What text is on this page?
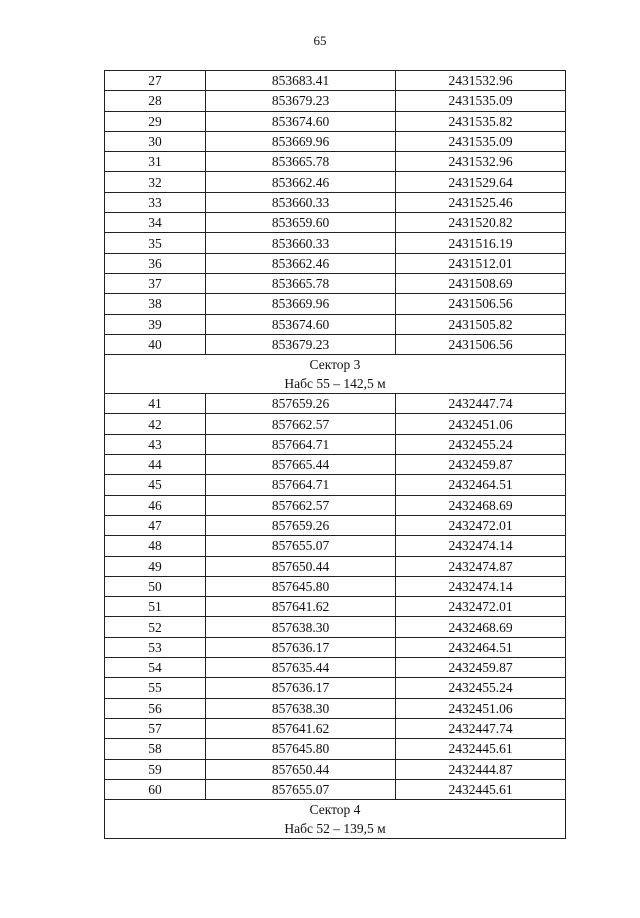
65
27	853683.41	2431532.96
28	853679.23	2431535.09
29	853674.60	2431535.82
30	853669.96	2431535.09
31	853665.78	2431532.96
32	853662.46	2431529.64
33	853660.33	2431525.46
34	853659.60	2431520.82
35	853660.33	2431516.19
36	853662.46	2431512.01
37	853665.78	2431508.69
38	853669.96	2431506.56
39	853674.60	2431505.82
40	853679.23	2431506.56

Сектор 3
Набс 55 – 142,5 м		

41	857659.26	2432447.74
42	857662.57	2432451.06
43	857664.71	2432455.24
44	857665.44	2432459.87
45	857664.71	2432464.51
46	857662.57	2432468.69
47	857659.26	2432472.01
48	857655.07	2432474.14
49	857650.44	2432474.87
50	857645.80	2432474.14
51	857641.62	2432472.01
52	857638.30	2432468.69
53	857636.17	2432464.51
54	857635.44	2432459.87
55	857636.17	2432455.24
56	857638.30	2432451.06
57	857641.62	2432447.74
58	857645.80	2432445.61
59	857650.44	2432444.87
60	857655.07	2432445.61

Сектор 4
Набс 52 – 139,5 м		
